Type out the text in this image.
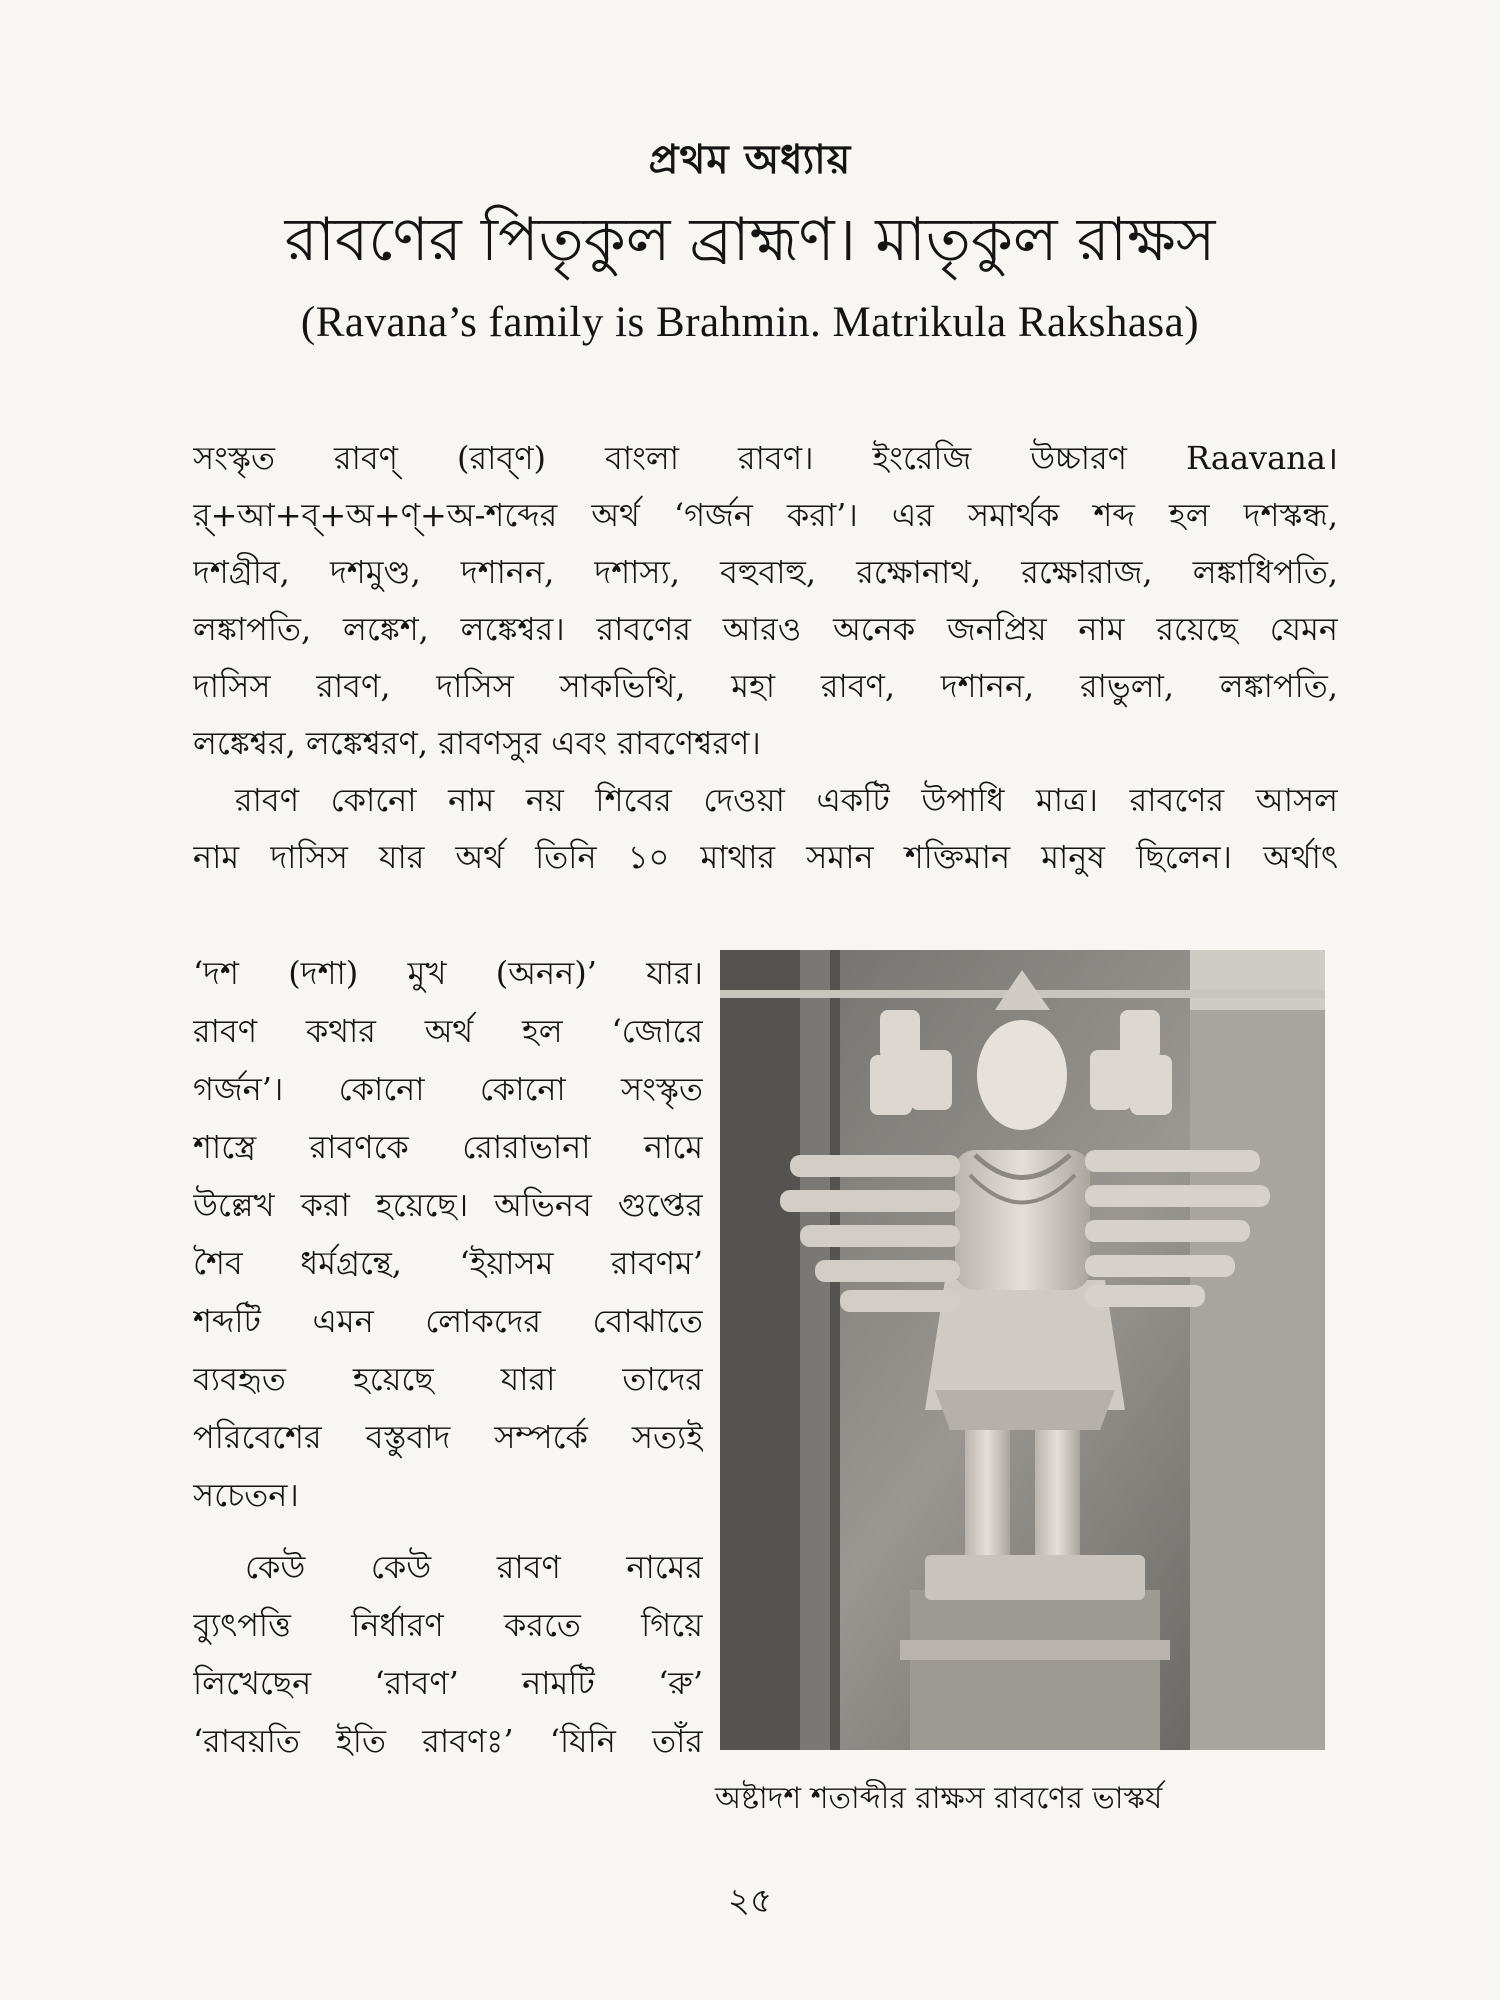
প্রথম অধ্যায়
রাবণের পিতৃকুল ব্রাহ্মণ। মাতৃকুল রাক্ষস
(Ravana’s family is Brahmin. Matrikula Rakshasa)
সংস্কৃত রাবণ্ (রাব্‌ণ) বাংলা রাবণ। ইংরেজি উচ্চারণ Raavana।
র্‌+আ+ব্‌+অ+ণ্‌+অ-শব্দের অর্থ ‘গর্জন করা’। এর সমার্থক শব্দ হল দশস্কন্ধ,
দশগ্রীব, দশমুণ্ড, দশানন, দশাস্য, বহুবাহু, রক্ষোনাথ, রক্ষোরাজ, লঙ্কাধিপতি,
লঙ্কাপতি, লঙ্কেশ, লঙ্কেশ্বর। রাবণের আরও অনেক জনপ্রিয় নাম রয়েছে যেমন
দাসিস রাবণ, দাসিস সাকভিথি, মহা রাবণ, দশানন, রাভুলা, লঙ্কাপতি,
লঙ্কেশ্বর, লঙ্কেশ্বরণ, রাবণসুর এবং রাবণেশ্বরণ।
রাবণ কোনো নাম নয় শিবের দেওয়া একটি উপাধি মাত্র। রাবণের আসল
নাম দাসিস যার অর্থ তিনি ১০ মাথার সমান শক্তিমান মানুষ ছিলেন। অর্থাৎ
‘দশ (দশা) মুখ (অনন)’ যার।
রাবণ কথার অর্থ হল ‘জোরে
গর্জন’। কোনো কোনো সংস্কৃত
শাস্ত্রে রাবণকে রোরাভানা নামে
উল্লেখ করা হয়েছে। অভিনব গুপ্তের
শৈব ধর্মগ্রন্থে, ‘ইয়াসম রাবণম’
শব্দটি এমন লোকদের বোঝাতে
ব্যবহৃত হয়েছে যারা তাদের
পরিবেশের বস্তুবাদ সম্পর্কে সত্যই
সচেতন।
কেউ কেউ রাবণ নামের
ব্যুৎপত্তি নির্ধারণ করতে গিয়ে
লিখেছেন ‘রাবণ’ নামটি ‘রু’
‘রাবয়তি ইতি রাবণঃ’ ‘যিনি তাঁর
অষ্টাদশ শতাব্দীর রাক্ষস রাবণের ভাস্কর্য
২৫
